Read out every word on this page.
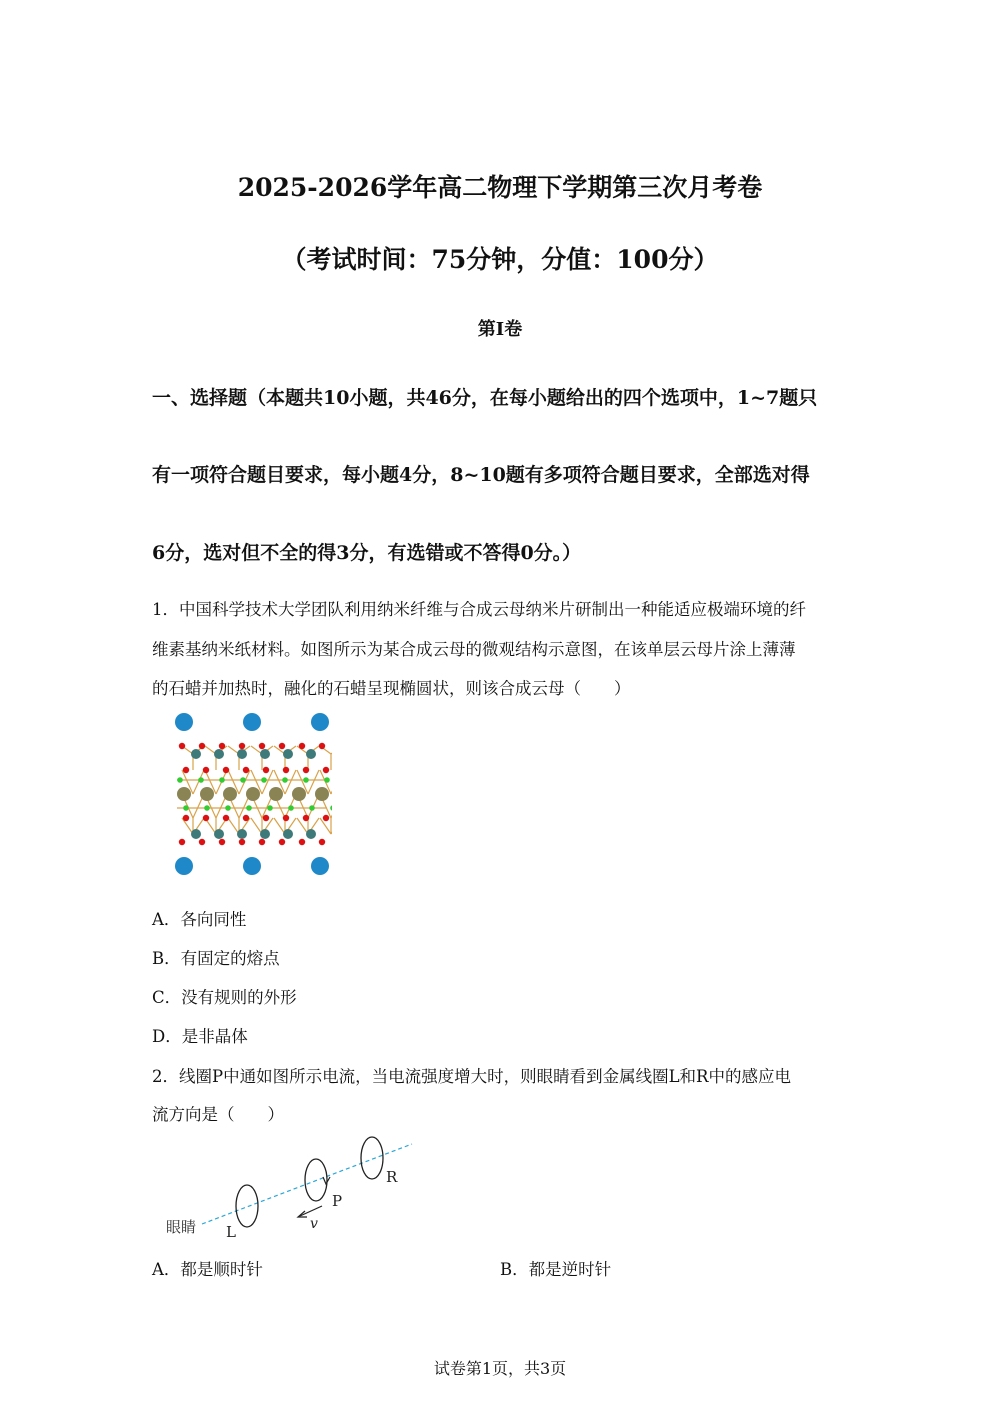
2025-2026学年高二物理下学期第三次月考卷
（考试时间：75分钟，分值：100分）
第I卷
一、选择题（本题共10小题，共46分，在每小题给出的四个选项中，1~7题只
有一项符合题目要求，每小题4分，8~10题有多项符合题目要求，全部选对得
6分，选对但不全的得3分，有选错或不答得0分。）
1．中国科学技术大学团队利用纳米纤维与合成云母纳米片研制出一种能适应极端环境的纤
维素基纳米纸材料。如图所示为某合成云母的微观结构示意图，在该单层云母片涂上薄薄
的石蜡并加热时，融化的石蜡呈现椭圆状，则该合成云母（　　）
A．各向同性
B．有固定的熔点
C．没有规则的外形
D．是非晶体
2．线圈P中通如图所示电流，当电流强度增大时，则眼睛看到金属线圈L和R中的感应电
流方向是（　　）
眼睛 L
P
R
v
A．都是顺时针	B．都是逆时针
试卷第1页，共3页
